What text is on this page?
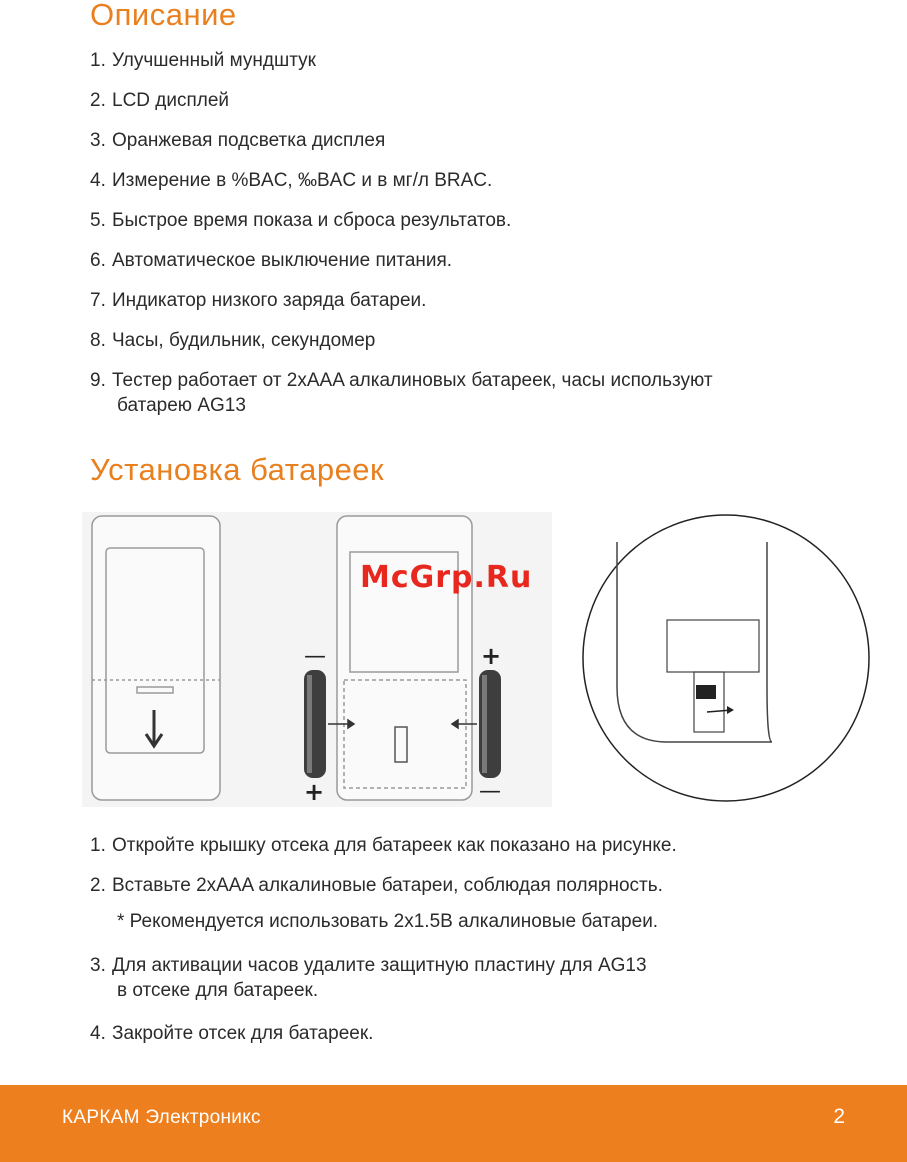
Описание
1. Улучшенный мундштук
2. LCD дисплей
3. Оранжевая подсветка дисплея
4. Измерение в %BAC, ‰BAC и в мг/л BRAC.
5. Быстрое время показа и сброса результатов.
6. Автоматическое выключение питания.
7. Индикатор низкого заряда батареи.
8. Часы, будильник, секундомер
9. Тестер работает от 2xAAA алкалиновых батареек, часы используют
батарею AG13
Установка батареек
—
+
+
—
McGrp.Ru
1. Откройте крышку отсека для батареек как показано на рисунке.
2. Вставьте 2xAAA алкалиновые батареи, соблюдая полярность.
* Рекомендуется использовать 2x1.5В алкалиновые батареи.
3. Для активации часов удалите защитную пластину для AG13
в отсеке для батареек.
4. Закройте отсек для батареек.
КАРКАМ Электроникс	2
